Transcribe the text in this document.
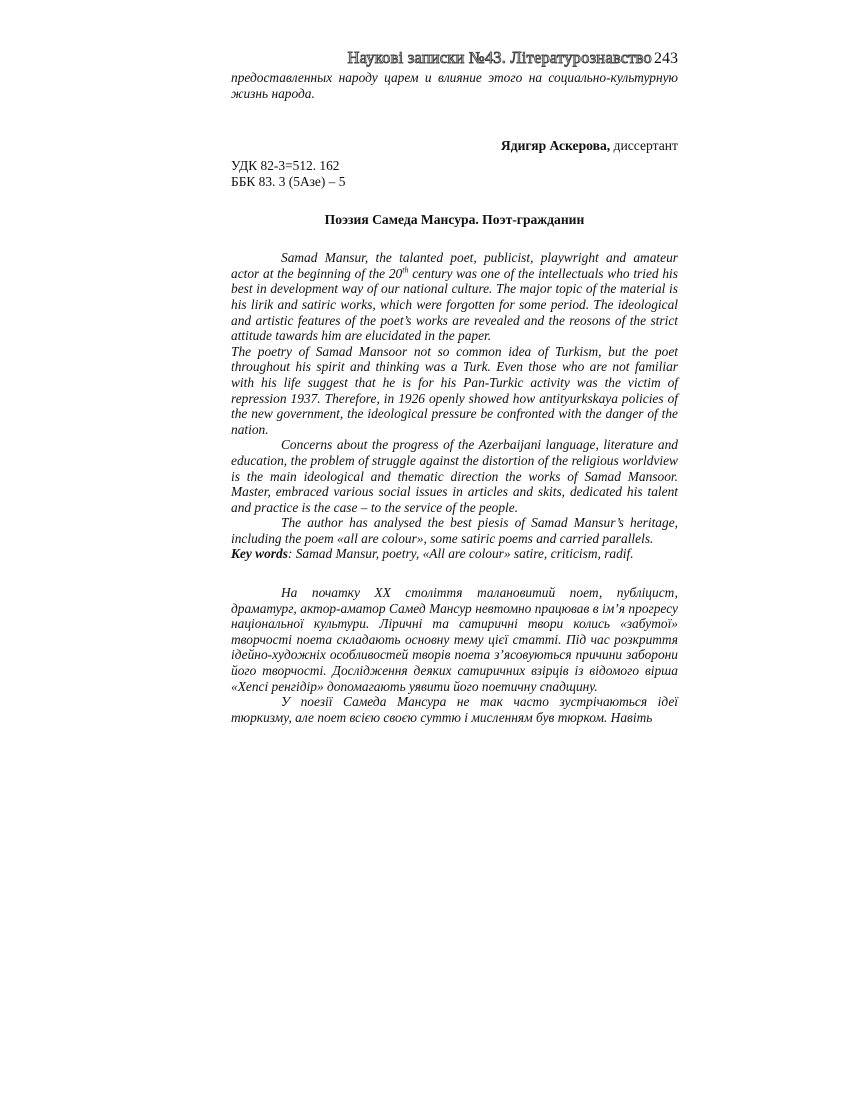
Наукові записки №43. Літературознавство 243

предоставленных народу царем и влияние этого на социально-культурную жизнь народа.

Ядигяр Аскерова, диссертант
УДК 82-3=512. 162
ББК 83. 3 (5Азе) – 5
Поэзия Самеда Мансура. Поэт-гражданин

Samad Mansur, the talanted poet, publicist, playwright and amateur actor at the beginning of the 20th century was one of the intellectuals who tried his best in development way of our national culture. The major topic of the material is his lirik and satiric works, which were forgotten for some period. The ideological and artistic features of the poet’s works are revealed and the reosons of the strict attitude tawards him are elucidated in the paper.

The poetry of Samad Mansoor not so common idea of Turkism, but the poet throughout his spirit and thinking was a Turk. Even those who are not familiar with his life suggest that he is for his Pan-Turkic activity was the victim of repression 1937. Therefore, in 1926 openly showed how antityurkskaya policies of the new government, the ideological pressure be confronted with the danger of the nation.

Concerns about the progress of the Azerbaijani language, literature and education, the problem of struggle against the distortion of the religious worldview is the main ideological and thematic direction the works of Samad Mansoor. Master, embraced various social issues in articles and skits, dedicated his talent and practice is the case – to the service of the people.

The author has analysed the best piesis of Samad Mansur’s heritage, including the poem «all are colour», some satiric poems and carried parallels.

Key words: Samad Mansur, poetry, «All are colour» satire, criticism, radif.

На початку ХХ століття талановитий поет, публіцист, драматург, актор-аматор Самед Мансур невтомно працював в ім’я прогресу національної культури. Ліричні та сатиричні твори колись «забутої» творчості поета складають основну тему цієї статті. Під час розкриття ідейно-художніх особливостей творів поета з’ясовуються причини заборони його творчості. Дослідження деяких сатиричних взірців із відомого вірша «Хепсі ренгідір» допомагають уявити його поетичну спадщину.

У поезії Самеда Мансура не так часто зустрічаються ідеї тюркизму, але поет всією своєю суттю і мисленням був тюрком. Навіть
